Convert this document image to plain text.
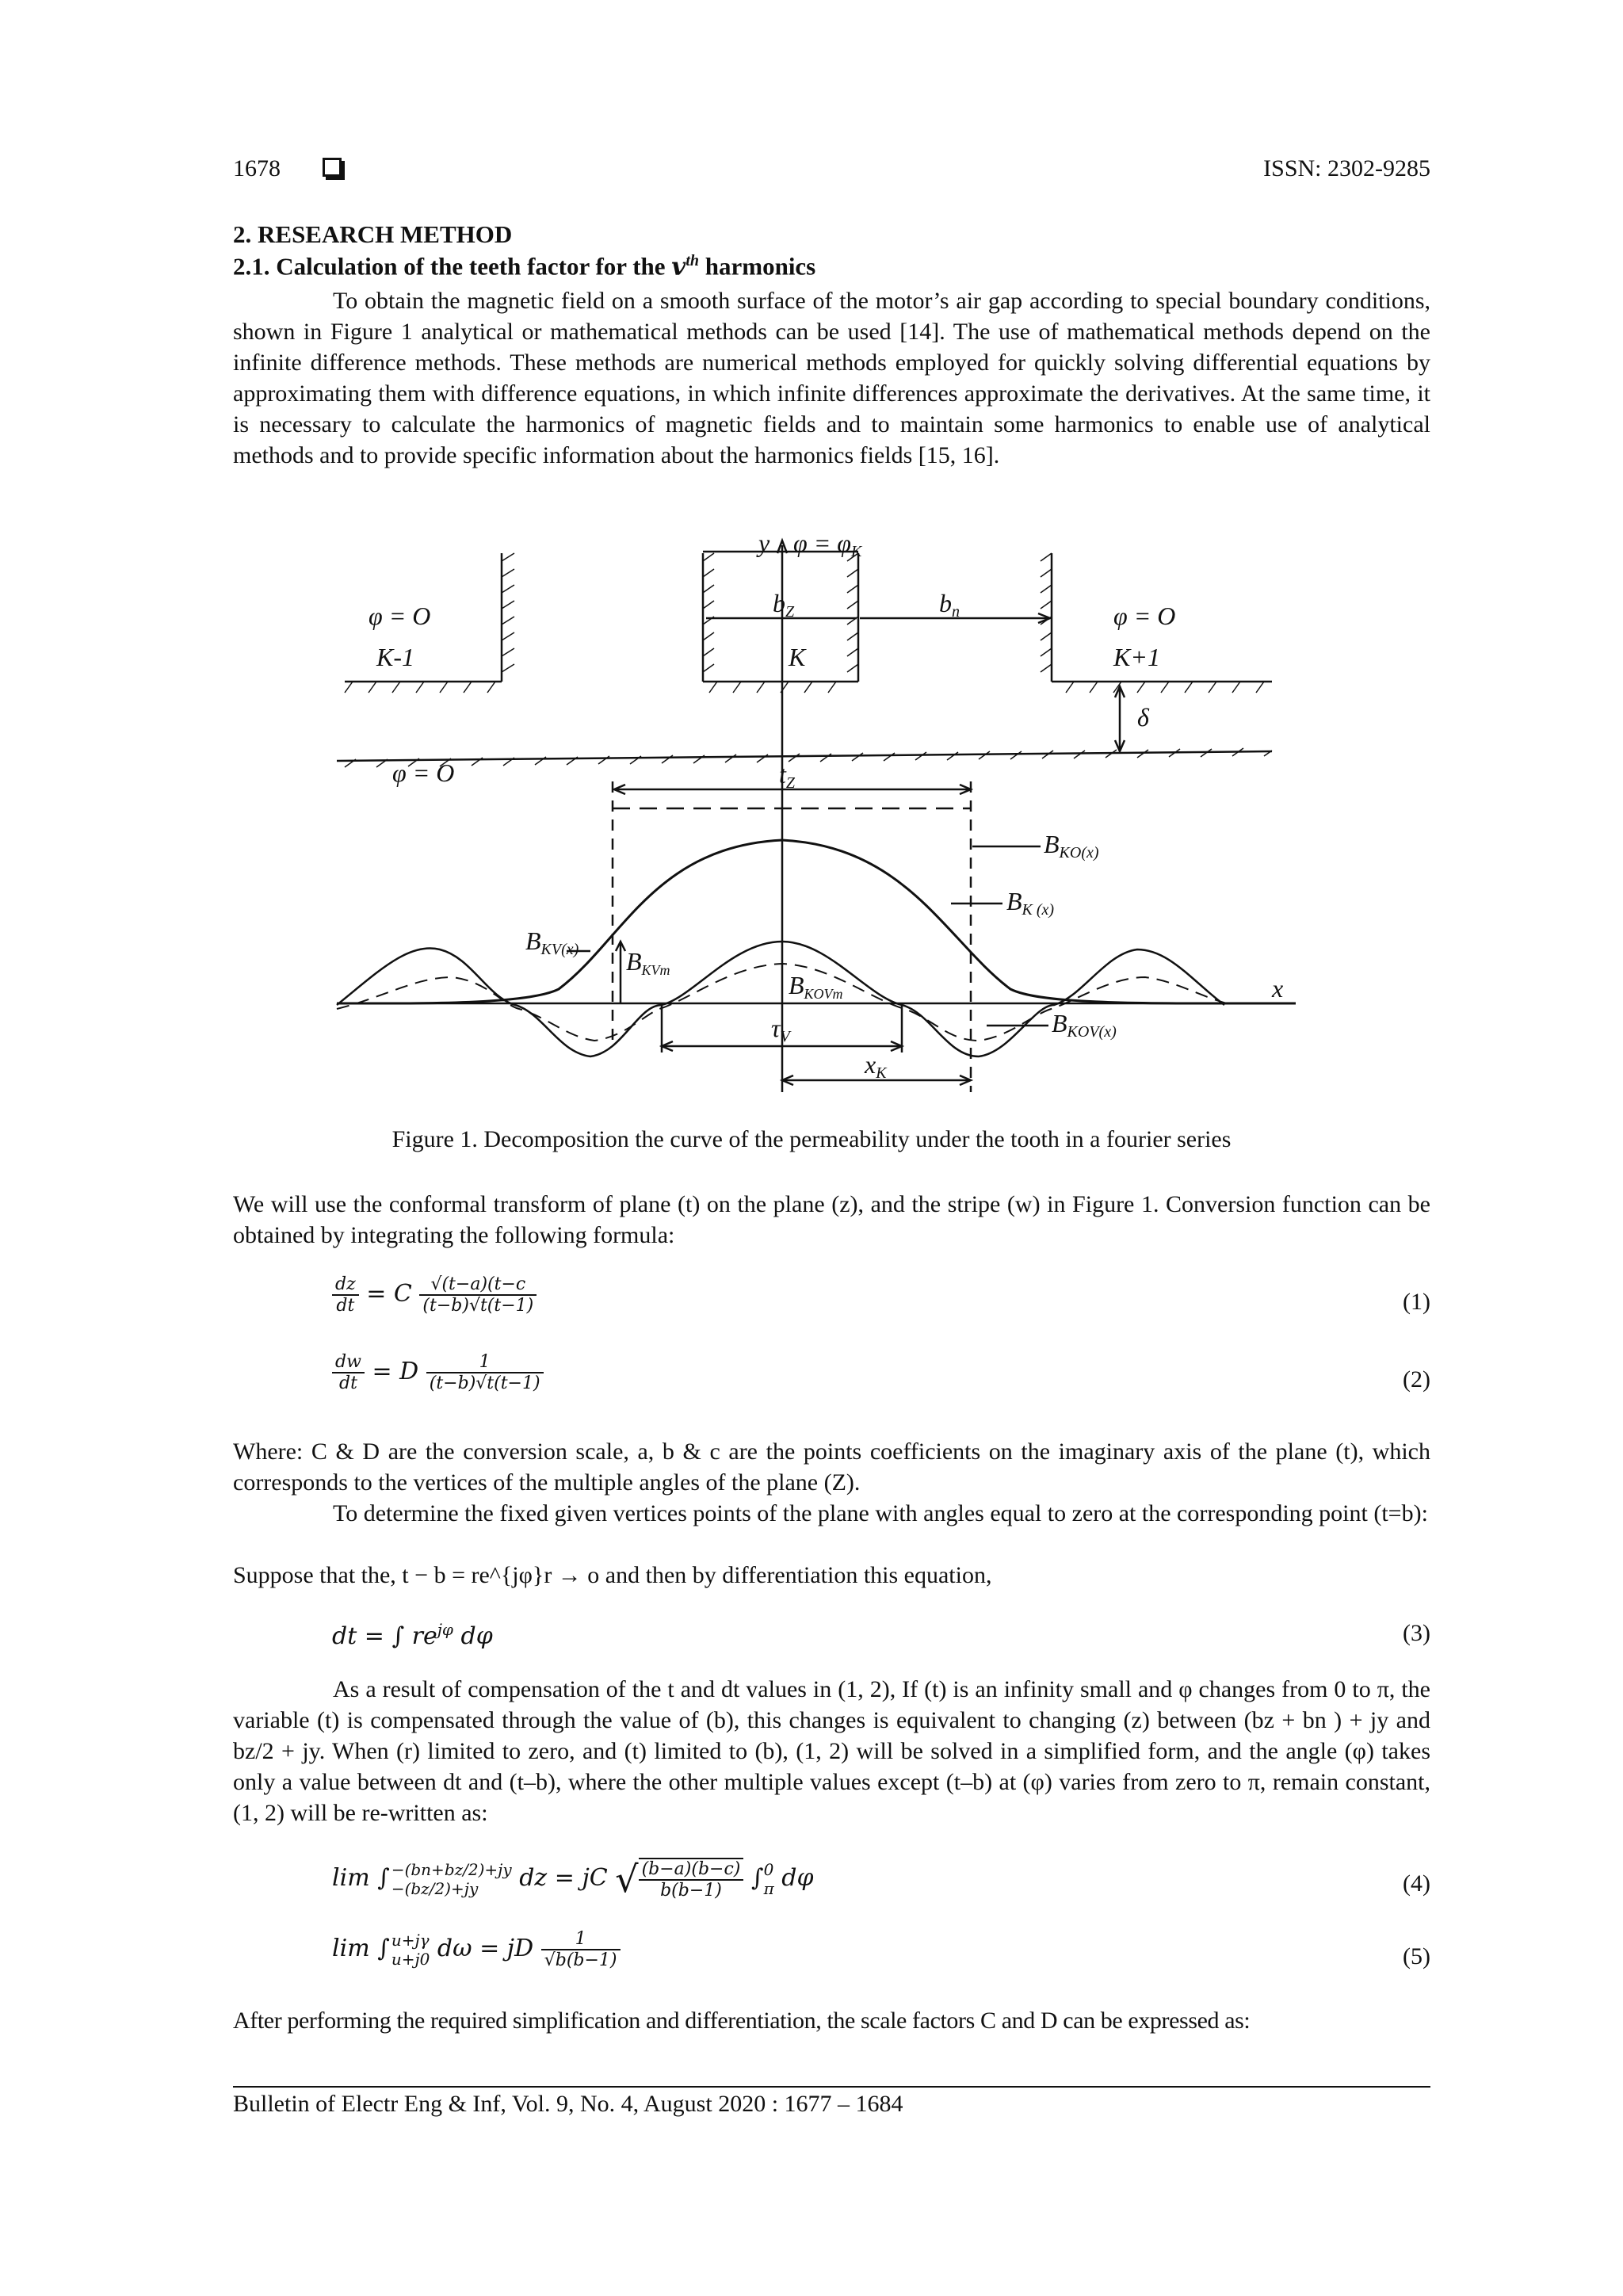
1678	ISSN: 2302-9285
2. RESEARCH METHOD
2.1. Calculation of the teeth factor for the $v^{th}$ harmonics

To obtain the magnetic field on a smooth surface of the motor’s air gap according to special boundary conditions, shown in Figure 1 analytical or mathematical methods can be used [14]. The use of mathematical methods depend on the infinite difference methods. These methods are numerical methods employed for quickly solving differential equations by approximating them with difference equations, in which infinite differences approximate the derivatives. At the same time, it is necessary to calculate the harmonics of magnetic fields and to maintain some harmonics to enable use of analytical methods and to provide specific information about the harmonics fields [15, 16].

y φ = φK
φ = O
K-1
bZ	bn
K
φ = O
K+1
δ
φ = O	tZ
BKO(x)
BK (x)
BKV(x) BKVm
BKOVm
BKOV(x)
x
τV
xK
Figure 1. Decomposition the curve of the permeability under the tooth in a fourier series

We will use the conformal transform of plane (t) on the plane (z), and the stripe (w) in Figure 1. Conversion function can be obtained by integrating the following formula:

$\frac{dz}{dt} = C \frac{√(t-a)(t-c}{(t-b)√t(t-1)}$	(1)
$\frac{dw}{dt} = D \frac{1}{(t-b)√t(t-1)}$	(2)

Where: C & D are the conversion scale, a, b & c are the points coefficients on the imaginary axis of the plane (t), which corresponds to the vertices of the multiple angles of the plane (Z).

To determine the fixed given vertices points of the plane with angles equal to zero at the corresponding point (t=b):

Suppose that the, t − b = re^{jφ}r → o and then by differentiation this equation,

dt = ∫ $re^{j\varphi}$ dφ	(3)

As a result of compensation of the t and dt values in (1, 2), If (t) is an infinity small and φ changes from 0 to π, the variable (t) is compensated through the value of (b), this changes is equivalent to changing (z) between (bz + bn ) + jy and bz/2 + jy. When (r) limited to zero, and (t) limited to (b), (1, 2) will be solved in a simplified form, and the angle (φ) takes only a value between dt and (t–b), where the other multiple values except (t–b) at (φ) varies from zero to π, remain constant, (1, 2) will be re-written as:

lim ∫ −(bn+bz/2)+jy
−(bz/2)+jy	dz = jC √ $\frac{(b-a)(b-c)}{b(b-1)}$ ∫ 0
π dφ	(4)
lim ∫ u+jγ
u+j0 dω = jD $\frac{1}{√b(b-1)}$	(5)

After performing the required simplification and differentiation, the scale factors C and D can be expressed as:

Bulletin of Electr Eng & Inf, Vol. 9, No. 4, August 2020 : 1677 – 1684
